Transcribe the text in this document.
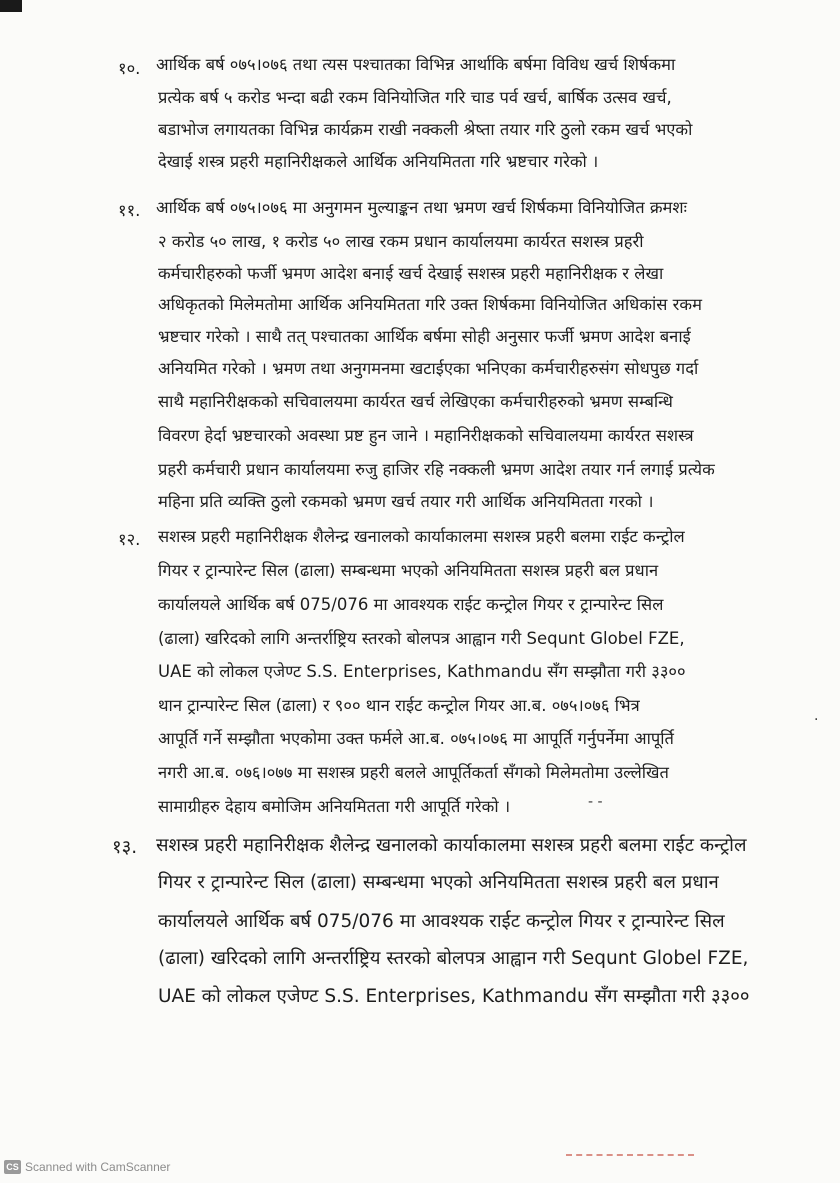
१०. आर्थिक बर्ष ०७५।०७६ तथा त्यस पश्चातका विभिन्न आर्थाकि बर्षमा विविध खर्च शिर्षकमा
प्रत्येक बर्ष ५ करोड भन्दा बढी रकम विनियोजित गरि चाड पर्व खर्च, बार्षिक उत्सव खर्च,
बडाभोज लगायतका विभिन्न कार्यक्रम राखी नक्कली श्रेष्ता तयार गरि ठुलो रकम खर्च भएको
देखाई शस्त्र प्रहरी महानिरीक्षकले आर्थिक अनियमितता गरि भ्रष्टचार गरेको ।
११. आर्थिक बर्ष ०७५।०७६ मा अनुगमन मुल्याङ्कन तथा भ्रमण खर्च शिर्षकमा विनियोजित क्रमशः
२ करोड ५० लाख, १ करोड ५० लाख रकम प्रधान कार्यालयमा कार्यरत सशस्त्र प्रहरी
कर्मचारीहरुको फर्जी भ्रमण आदेश बनाई खर्च देखाई सशस्त्र प्रहरी महानिरीक्षक र लेखा
अधिकृतको मिलेमतोमा आर्थिक अनियमितता गरि उक्त शिर्षकमा विनियोजित अधिकांस रकम
भ्रष्टचार गरेको । साथै तत् पश्चातका आर्थिक बर्षमा सोही अनुसार फर्जी भ्रमण आदेश बनाई
अनियमित गरेको । भ्रमण तथा अनुगमनमा खटाईएका भनिएका कर्मचारीहरुसंग सोधपुछ गर्दा
साथै महानिरीक्षकको सचिवालयमा कार्यरत खर्च लेखिएका कर्मचारीहरुको भ्रमण सम्बन्धि
विवरण हेर्दा भ्रष्टचारको अवस्था प्रष्ट हुन जाने । महानिरीक्षकको सचिवालयमा कार्यरत सशस्त्र
प्रहरी कर्मचारी प्रधान कार्यालयमा रुजु हाजिर रहि नक्कली भ्रमण आदेश तयार गर्न लगाई प्रत्येक
महिना प्रति व्यक्ति ठुलो रकमको भ्रमण खर्च तयार गरी आर्थिक अनियमितता गरको ।
१२. सशस्त्र प्रहरी महानिरीक्षक शैलेन्द्र खनालको कार्याकालमा सशस्त्र प्रहरी बलमा राईट कन्ट्रोल
गियर र ट्रान्पारेन्ट सिल (ढाला) सम्बन्धमा भएको अनियमितता सशस्त्र प्रहरी बल प्रधान
कार्यालयले आर्थिक बर्ष 075/076 मा आवश्यक राईट कन्ट्रोल गियर र ट्रान्पारेन्ट सिल
(ढाला) खरिदको लागि अन्तर्राष्ट्रिय स्तरको बोलपत्र आह्वान गरी Sequnt Globel FZE,
UAE को लोकल एजेण्ट S.S. Enterprises, Kathmandu सँग सम्झौता गरी ३३००
थान ट्रान्पारेन्ट सिल (ढाला) र ९०० थान राईट कन्ट्रोल गियर आ.ब. ०७५।०७६ भित्र
आपूर्ति गर्ने सम्झौता भएकोमा उक्त फर्मले आ.ब. ०७५।०७६ मा आपूर्ति गर्नुपर्नेमा आपूर्ति
नगरी आ.ब. ०७६।०७७ मा सशस्त्र प्रहरी बलले आपूर्तिकर्ता सँगको मिलेमतोमा उल्लेखित
सामाग्रीहरु देहाय बमोजिम अनियमितता गरी आपूर्ति गरेको ।	- -
.
१३. सशस्त्र प्रहरी महानिरीक्षक शैलेन्द्र खनालको कार्याकालमा सशस्त्र प्रहरी बलमा राईट कन्ट्रोल
गियर र ट्रान्पारेन्ट सिल (ढाला) सम्बन्धमा भएको अनियमितता सशस्त्र प्रहरी बल प्रधान
कार्यालयले आर्थिक बर्ष 075/076 मा आवश्यक राईट कन्ट्रोल गियर र ट्रान्पारेन्ट सिल
(ढाला) खरिदको लागि अन्तर्राष्ट्रिय स्तरको बोलपत्र आह्वान गरी Sequnt Globel FZE,
UAE को लोकल एजेण्ट S.S. Enterprises, Kathmandu सँग सम्झौता गरी ३३००
CS Scanned with CamScanner
